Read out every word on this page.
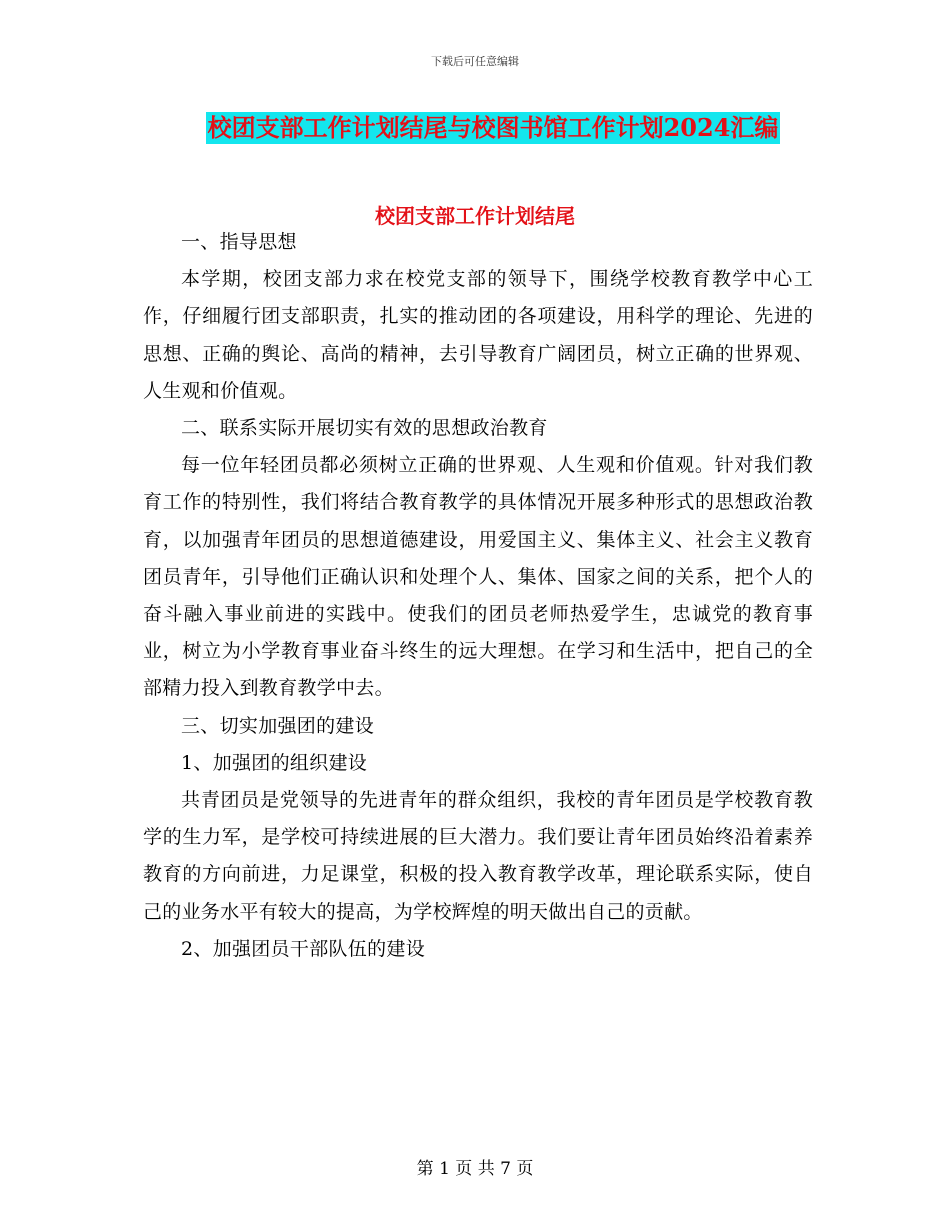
下载后可任意编辑
校团支部工作计划结尾与校图书馆工作计划2024汇编
校团支部工作计划结尾

一、指导思想

本学期，校团支部力求在校党支部的领导下，围绕学校教育教学中心工作，仔细履行团支部职责，扎实的推动团的各项建设，用科学的理论、先进的思想、正确的舆论、高尚的精神，去引导教育广阔团员，树立正确的世界观、人生观和价值观。

二、联系实际开展切实有效的思想政治教育

每一位年轻团员都必须树立正确的世界观、人生观和价值观。针对我们教育工作的特别性，我们将结合教育教学的具体情况开展多种形式的思想政治教育，以加强青年团员的思想道德建设，用爱国主义、集体主义、社会主义教育团员青年，引导他们正确认识和处理个人、集体、国家之间的关系，把个人的奋斗融入事业前进的实践中。使我们的团员老师热爱学生，忠诚党的教育事业，树立为小学教育事业奋斗终生的远大理想。在学习和生活中，把自己的全部精力投入到教育教学中去。

三、切实加强团的建设

1、加强团的组织建设

共青团员是党领导的先进青年的群众组织，我校的青年团员是学校教育教学的生力军，是学校可持续进展的巨大潜力。我们要让青年团员始终沿着素养教育的方向前进，力足课堂，积极的投入教育教学改革，理论联系实际，使自己的业务水平有较大的提高，为学校辉煌的明天做出自己的贡献。

2、加强团员干部队伍的建设

第 1 页 共 7 页
